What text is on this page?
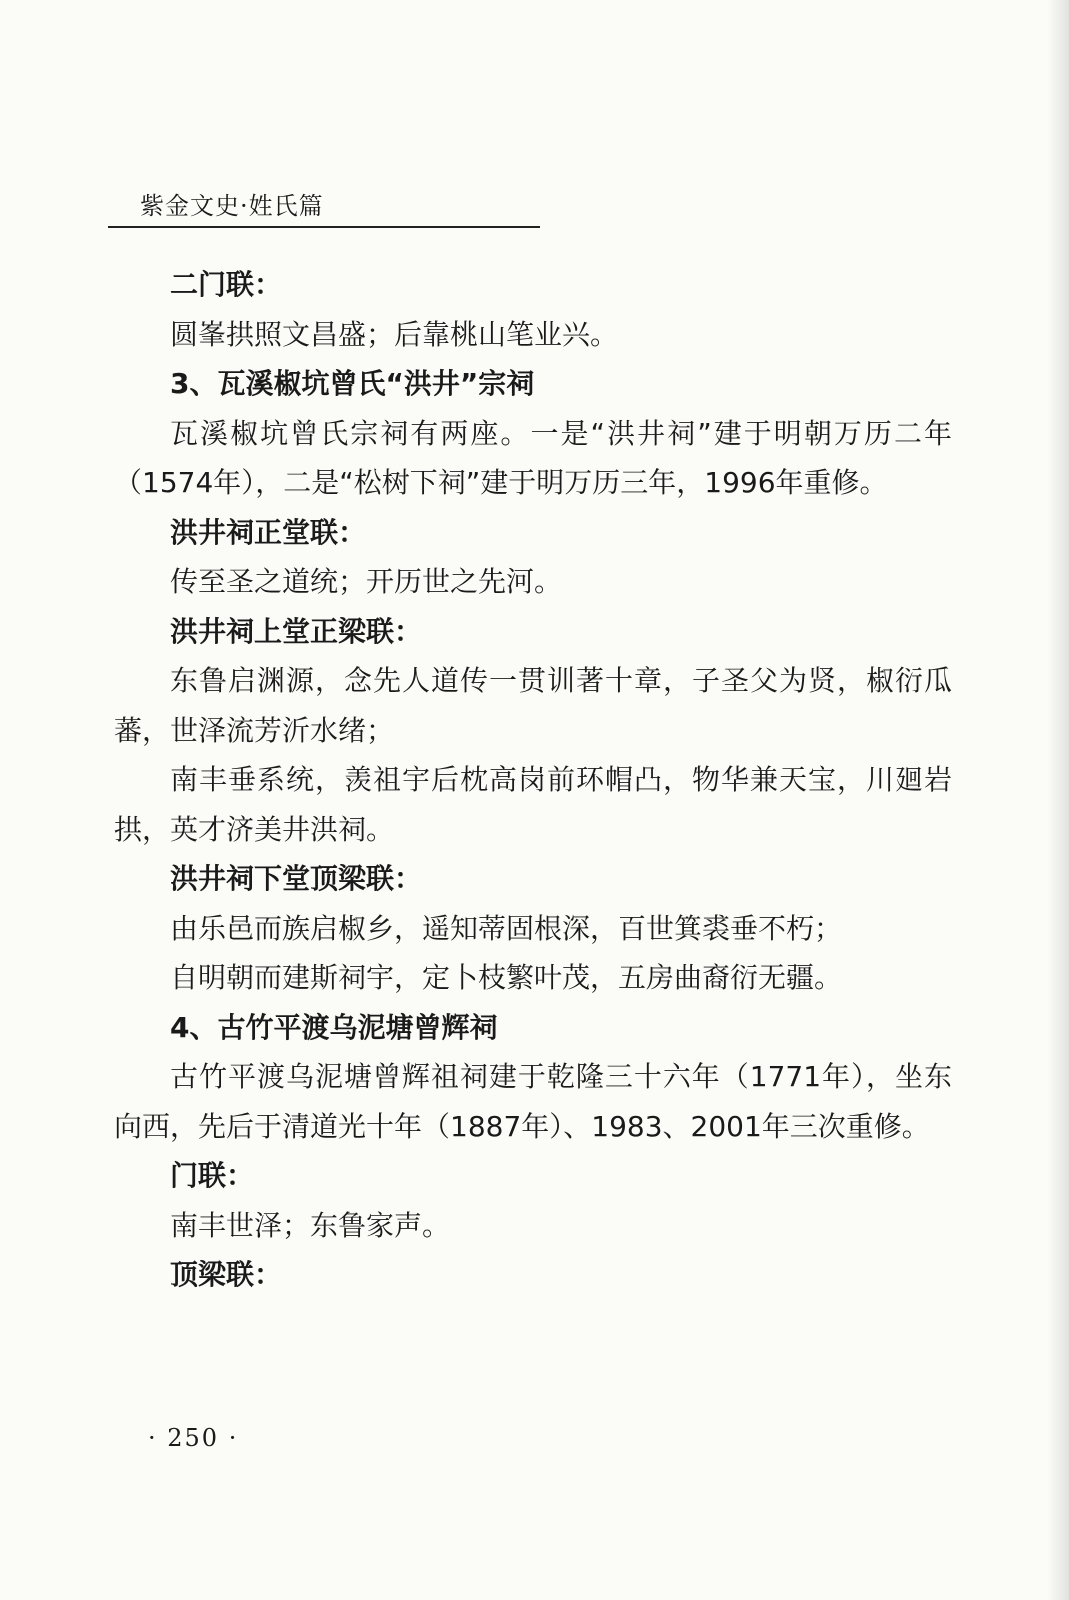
紫金文史·姓氏篇

二门联：

圆峯拱照文昌盛；后靠桃山笔业兴。

3、瓦溪椒坑曾氏“洪井”宗祠

瓦溪椒坑曾氏宗祠有两座。一是“洪井祠”建于明朝万历二年（1574年），二是“松树下祠”建于明万历三年，1996年重修。

洪井祠正堂联：

传至圣之道统；开历世之先河。

洪井祠上堂正梁联：

东鲁启渊源，念先人道传一贯训著十章，子圣父为贤，椒衍瓜蕃，世泽流芳沂水绪；

南丰垂系统，羡祖宇后枕高岗前环帽凸，物华兼天宝，川廻岩拱，英才济美井洪祠。

洪井祠下堂顶梁联：

由乐邑而族启椒乡，遥知蒂固根深，百世箕裘垂不朽；

自明朝而建斯祠宇，定卜枝繁叶茂，五房曲裔衍无疆。

4、古竹平渡乌泥塘曾辉祠

古竹平渡乌泥塘曾辉祖祠建于乾隆三十六年（1771年），坐东向西，先后于清道光十年（1887年）、1983、2001年三次重修。

门联：

南丰世泽；东鲁家声。

顶梁联：

· 250 ·
